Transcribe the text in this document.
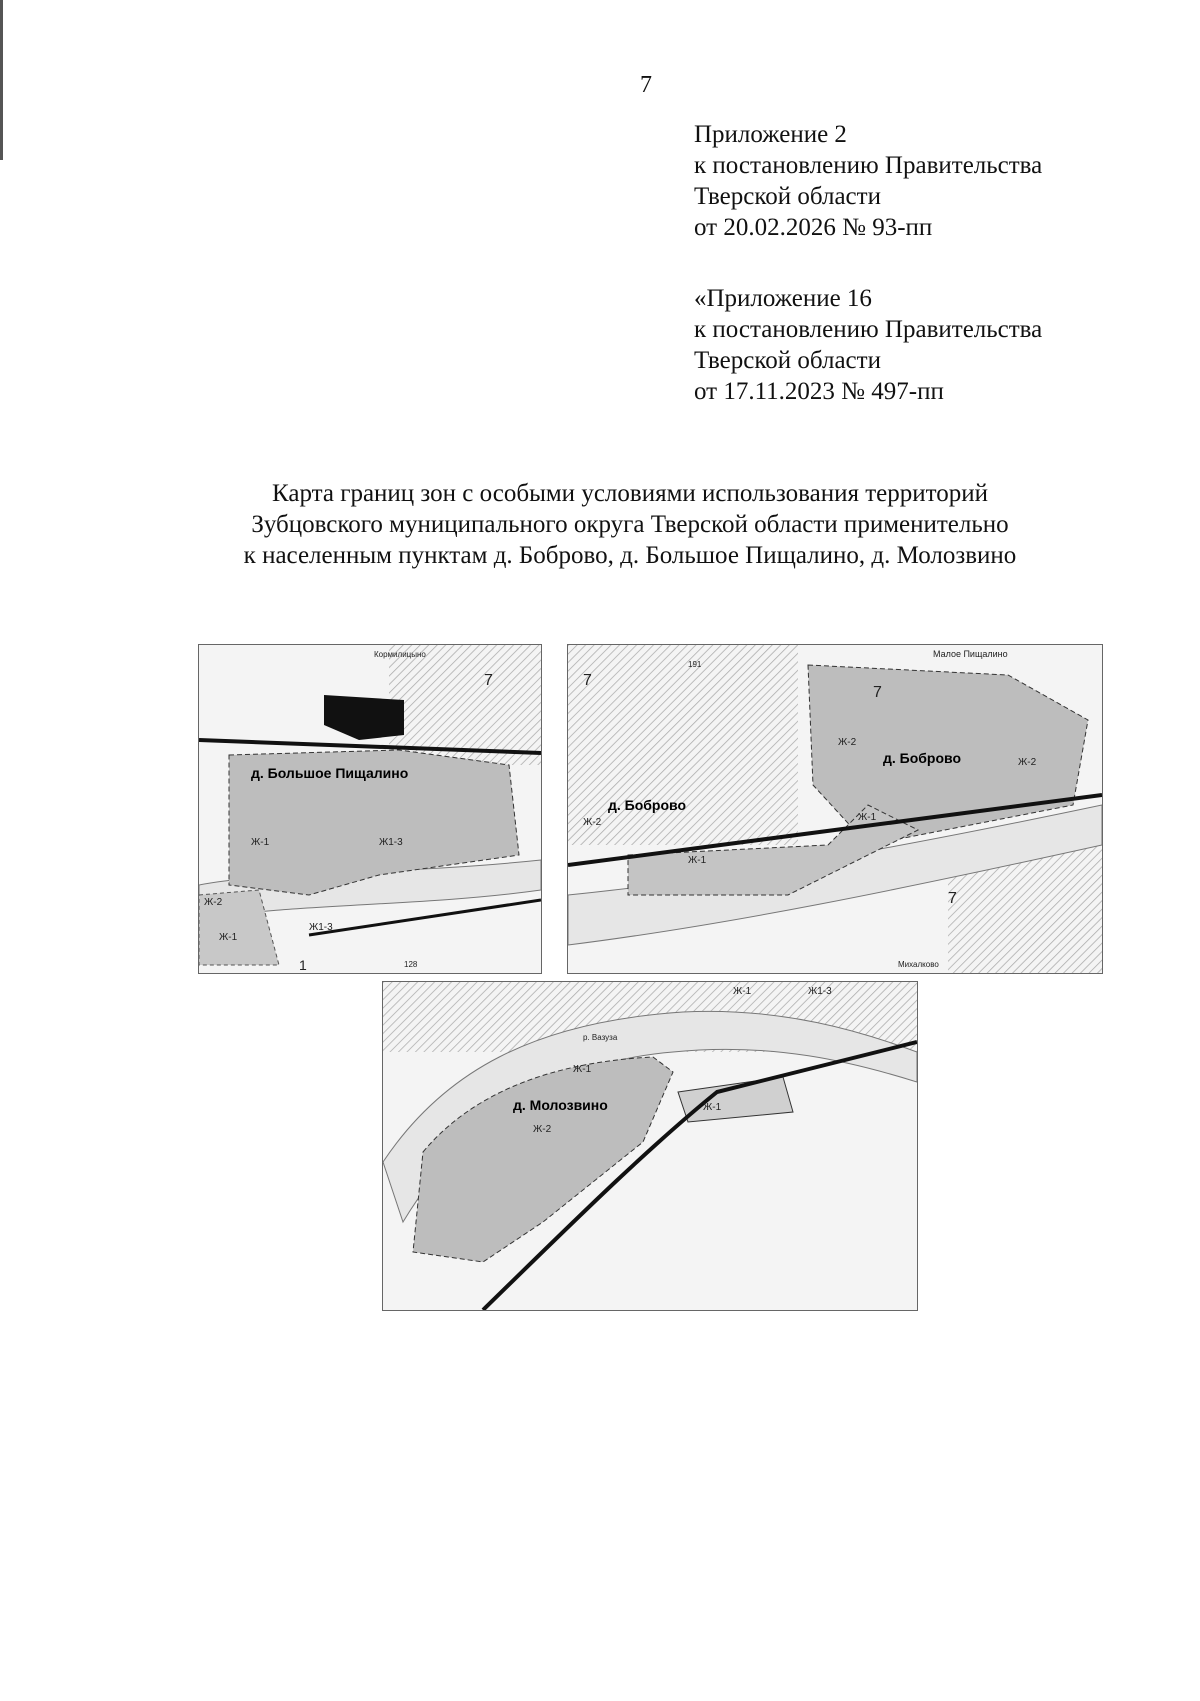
7
Приложение 2
к постановлению Правительства
Тверской области
от 20.02.2026 № 93-пп
«Приложение 16
к постановлению Правительства
Тверской области
от 17.11.2023 № 497-пп
Карта границ зон с особыми условиями использования территорий
Зубцовского муниципального округа Тверской области применительно
к населенным пунктам д. Боброво, д. Большое Пищалино, д. Молозвино
д. Большое Пищалино
Ж-1	Ж1-3
Ж-2
Ж-1
Ж1-3
7
1
Кормилицыно
128
д. Боброво
д. Боброво
Малое Пищалино
Ж-2
Ж-2
Ж-1
Ж-2	Ж-1
7
7
7
191
Михалково
д. Молозвино
Ж-1	Ж1-3
Ж-1
Ж-1
Ж-2
р. Вазуза
